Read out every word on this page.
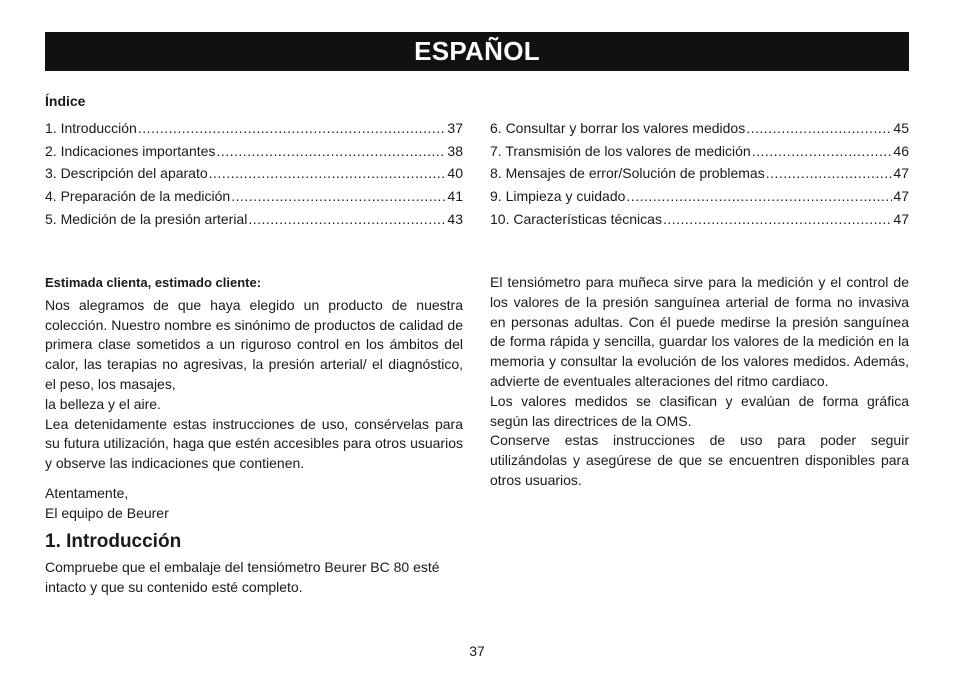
ESPAÑOL
Índice
1. Introducción .....	37
2. Indicaciones importantes .....	38
3. Descripción del aparato .....	40
4. Preparación de la medición .....	41
5. Medición de la presión arterial .....	43
6. Consultar y borrar los valores medidos .....	45
7. Transmisión de los valores de medición .....	46
8. Mensajes de error/Solución de problemas .....	47
9. Limpieza y cuidado .....	47
10. Características técnicas .....	47
Estimada clienta, estimado cliente:

Nos alegramos de que haya elegido un producto de nuestra colección. Nuestro nombre es sinónimo de productos de calidad de primera clase sometidos a un riguroso control en los ámbitos del calor, las terapias no agresivas, la presión arterial/ el diagnóstico, el peso, los masajes,

la belleza y el aire.

Lea detenidamente estas instrucciones de uso, consérvelas para su futura utilización, haga que estén accesibles para otros usuarios y observe las indicaciones que contienen.

Atentamente,

El equipo de Beurer

El tensiómetro para muñeca sirve para la medición y el control de los valores de la presión sanguínea arterial de forma no invasiva en personas adultas. Con él puede medirse la presión sanguínea de forma rápida y sencilla, guardar los valores de la medición en la memoria y consultar la evolución de los valores medidos. Además, advierte de eventuales alteraciones del ritmo cardiaco.

Los valores medidos se clasifican y evalúan de forma gráfica según las directrices de la OMS.

Conserve estas instrucciones de uso para poder seguir utilizándolas y asegúrese de que se encuentren disponibles para otros usuarios.

1. Introducción
Compruebe que el embalaje del tensiómetro Beurer BC 80 esté intacto y que su contenido esté completo.
37
